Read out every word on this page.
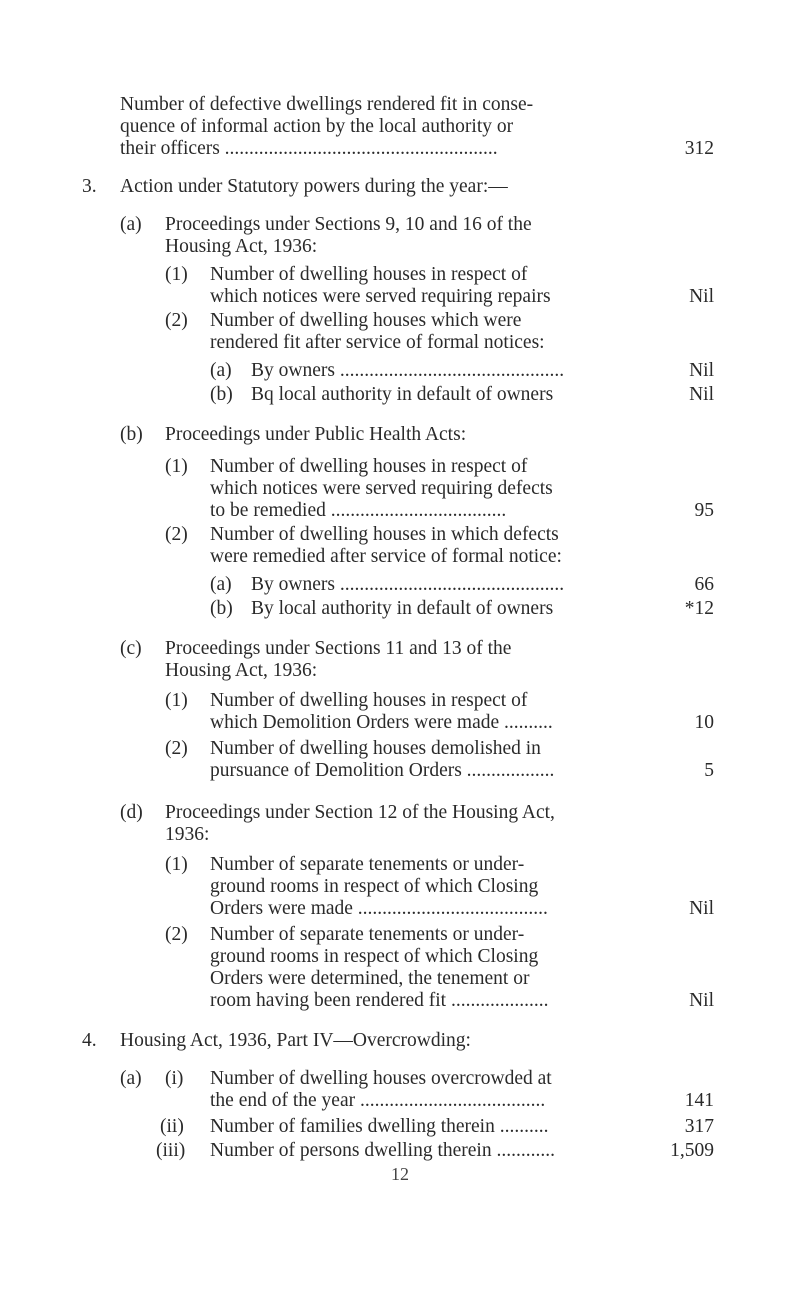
Number of defective dwellings rendered fit in conse-
quence of informal action by the local authority or
their officers ........................................................	312
3. Action under Statutory powers during the year:—
(a) Proceedings under Sections 9, 10 and 16 of the
Housing Act, 1936:
(1) Number of dwelling houses in respect of
which notices were served requiring repairs	Nil
(2) Number of dwelling houses which were
rendered fit after service of formal notices:
(a) By owners ..............................................	Nil
(b) Bq local authority in default of owners	Nil
(b) Proceedings under Public Health Acts:
(1) Number of dwelling houses in respect of
which notices were served requiring defects
to be remedied ....................................	95
(2) Number of dwelling houses in which defects
were remedied after service of formal notice:
(a) By owners ..............................................	66
(b) By local authority in default of owners	*12
(c) Proceedings under Sections 11 and 13 of the
Housing Act, 1936:
(1) Number of dwelling houses in respect of
which Demolition Orders were made ..........	10
(2) Number of dwelling houses demolished in
pursuance of Demolition Orders ..................	5
(d) Proceedings under Section 12 of the Housing Act,
1936:
(1) Number of separate tenements or under-
ground rooms in respect of which Closing
Orders were made .......................................	Nil
(2) Number of separate tenements or under-
ground rooms in respect of which Closing
Orders were determined, the tenement or
room having been rendered fit ....................	Nil
4. Housing Act, 1936, Part IV—Overcrowding:
(a) (i) Number of dwelling houses overcrowded at
the end of the year ......................................	141
(ii) Number of families dwelling therein ..........	317
(iii) Number of persons dwelling therein ............	1,509
12
